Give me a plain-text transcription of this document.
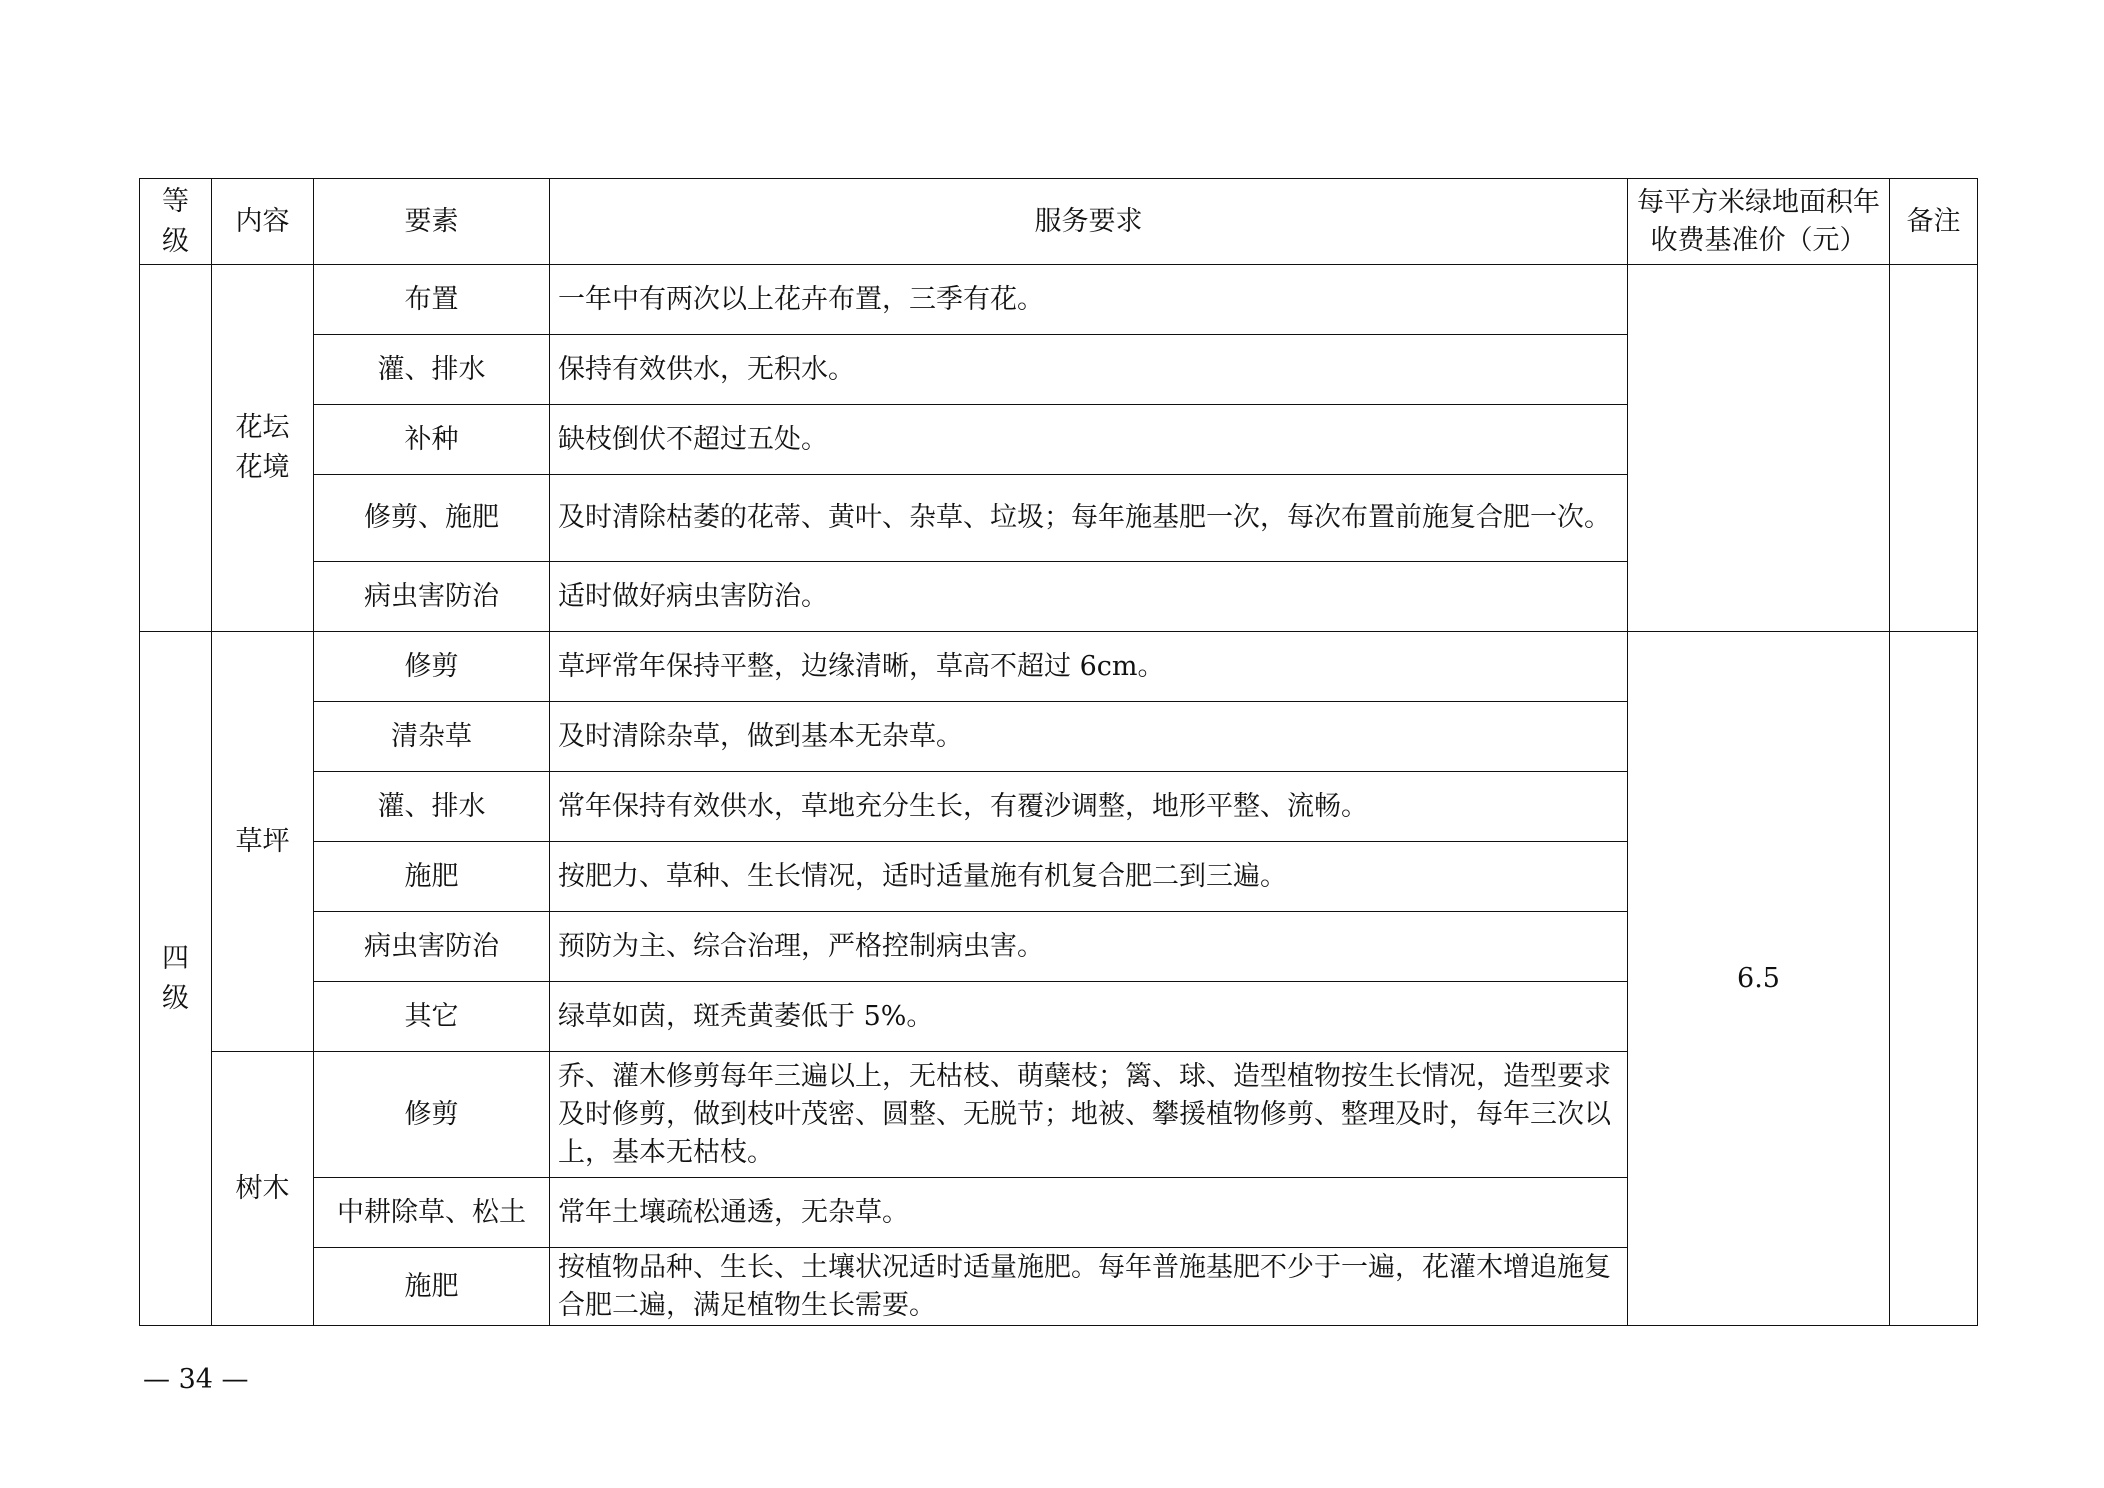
等级	内容	要素	服务要求	每平方米绿地面积年收费基准价（元）	备注
	花坛花境	布置	一年中有两次以上花卉布置，三季有花。		
		灌、排水	保持有效供水，无积水。		
		补种	缺枝倒伏不超过五处。		
		修剪、施肥	及时清除枯萎的花蒂、黄叶、杂草、垃圾；每年施基肥一次，每次布置前施复合肥一次。		
		病虫害防治	适时做好病虫害防治。		
四级	草坪	修剪	草坪常年保持平整，边缘清晰，草高不超过 6cm。	6.5	
		清杂草	及时清除杂草，做到基本无杂草。		
		灌、排水	常年保持有效供水，草地充分生长，有覆沙调整，地形平整、流畅。		
		施肥	按肥力、草种、生长情况，适时适量施有机复合肥二到三遍。		
		病虫害防治	预防为主、综合治理，严格控制病虫害。		
		其它	绿草如茵，斑秃黄萎低于 5%。		
	树木	修剪	乔、灌木修剪每年三遍以上，无枯枝、萌蘖枝；篱、球、造型植物按生长情况，造型要求及时修剪，做到枝叶茂密、圆整、无脱节；地被、攀援植物修剪、整理及时，每年三次以上，基本无枯枝。		
		中耕除草、松土	常年土壤疏松通透，无杂草。		
		施肥	按植物品种、生长、土壤状况适时适量施肥。每年普施基肥不少于一遍，花灌木增追施复合肥二遍，满足植物生长需要。		
— 34 —
